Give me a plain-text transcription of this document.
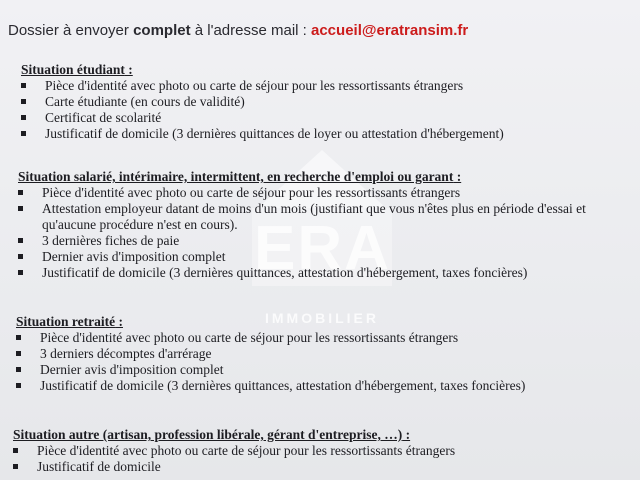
ERA
IMMOBILIER
Dossier à envoyer complet à l'adresse mail : accueil@eratransim.fr
Situation étudiant :
Pièce d'identité avec photo ou carte de séjour pour les ressortissants étrangers
Carte étudiante (en cours de validité)
Certificat de scolarité
Justificatif de domicile (3 dernières quittances de loyer ou attestation d'hébergement)
Situation salarié, intérimaire, intermittent, en recherche d'emploi ou garant :
Pièce d'identité avec photo ou carte de séjour pour les ressortissants étrangers
Attestation employeur datant de moins d'un mois (justifiant que vous n'êtes plus en période d'essai et
qu'aucune procédure n'est en cours).
3 dernières fiches de paie
Dernier avis d'imposition complet
Justificatif de domicile (3 dernières quittances, attestation d'hébergement, taxes foncières)
Situation retraité :
Pièce d'identité avec photo ou carte de séjour pour les ressortissants étrangers
3 derniers décomptes d'arrérage
Dernier avis d'imposition complet
Justificatif de domicile (3 dernières quittances, attestation d'hébergement, taxes foncières)
Situation autre (artisan, profession libérale, gérant d'entreprise, …) :
Pièce d'identité avec photo ou carte de séjour pour les ressortissants étrangers
Justificatif de domicile
